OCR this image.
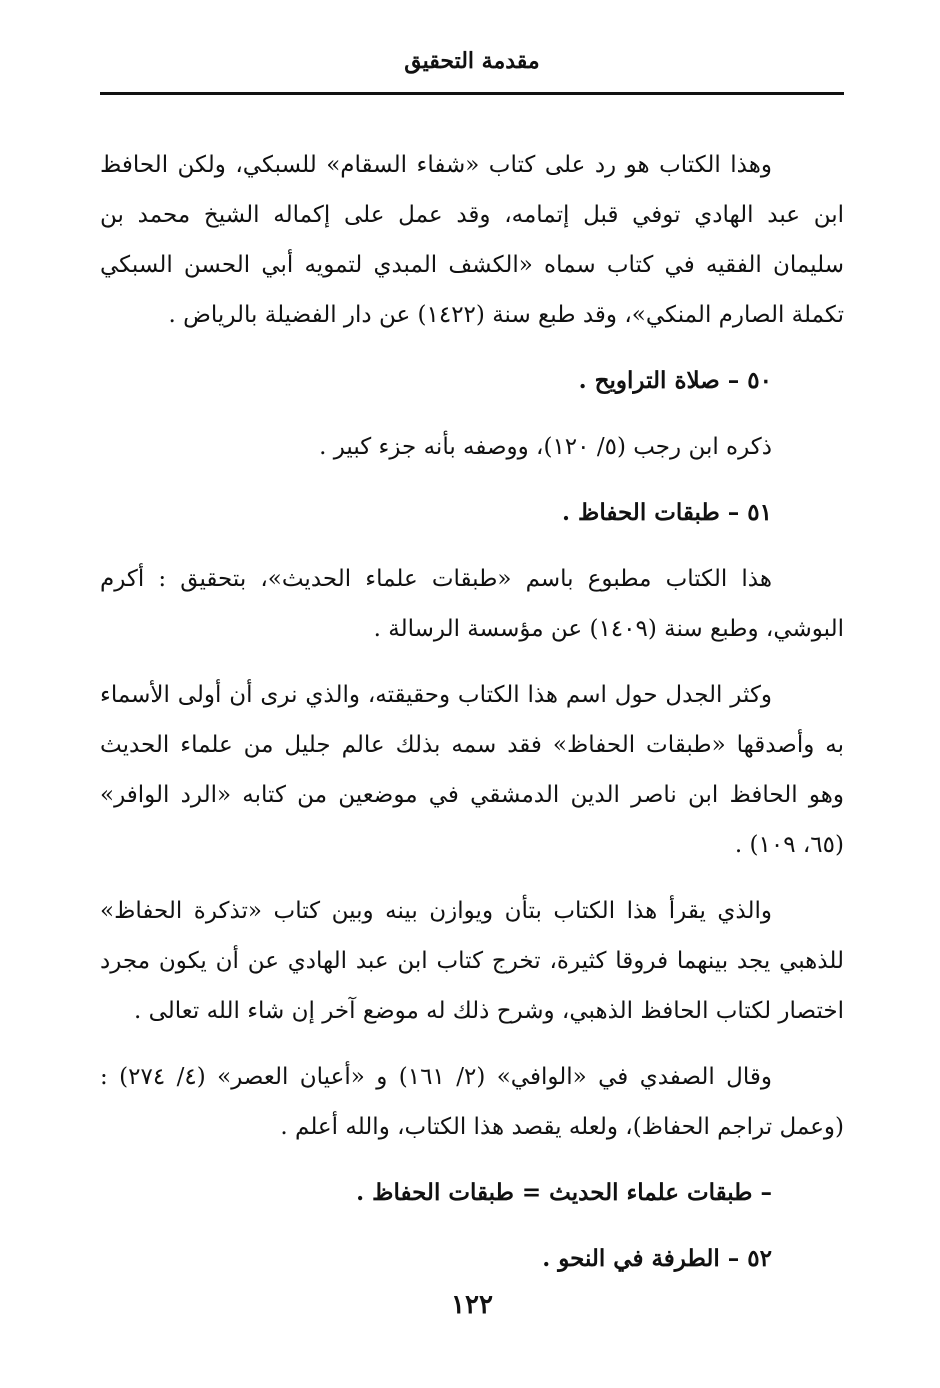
مقدمة التحقيق

وهذا الكتاب هو رد على كتاب «شفاء السقام» للسبكي، ولكن الحافظ ابن عبد الهادي توفي قبل إتمامه، وقد عمل على إكماله الشيخ محمد بن سليمان الفقيه في كتاب سماه «الكشف المبدي لتمويه أبي الحسن السبكي تكملة الصارم المنكي»، وقد طبع سنة (١٤٢٢) عن دار الفضيلة بالرياض .

٥٠ – صلاة التراويح .

ذكره ابن رجب (٥/ ١٢٠)، ووصفه بأنه جزء كبير .

٥١ – طبقات الحفاظ .

هذا الكتاب مطبوع باسم «طبقات علماء الحديث»، بتحقيق : أكرم البوشي، وطبع سنة (١٤٠٩) عن مؤسسة الرسالة .

وكثر الجدل حول اسم هذا الكتاب وحقيقته، والذي نرى أن أولى الأسماء به وأصدقها «طبقات الحفاظ» فقد سمه بذلك عالم جليل من علماء الحديث وهو الحافظ ابن ناصر الدين الدمشقي في موضعين من كتابه «الرد الوافر» (٦٥، ١٠٩) .

والذي يقرأ هذا الكتاب بتأن ويوازن بينه وبين كتاب «تذكرة الحفاظ» للذهبي يجد بينهما فروقا كثيرة، تخرج كتاب ابن عبد الهادي عن أن يكون مجرد اختصار لكتاب الحافظ الذهبي، وشرح ذلك له موضع آخر إن شاء الله تعالى .

وقال الصفدي في «الوافي» (٢/ ١٦١) و «أعيان العصر» (٤/ ٢٧٤) : (وعمل تراجم الحفاظ)، ولعله يقصد هذا الكتاب، والله أعلم .

– طبقات علماء الحديث = طبقات الحفاظ .

٥٢ – الطرفة في النحو .

١٢٢
